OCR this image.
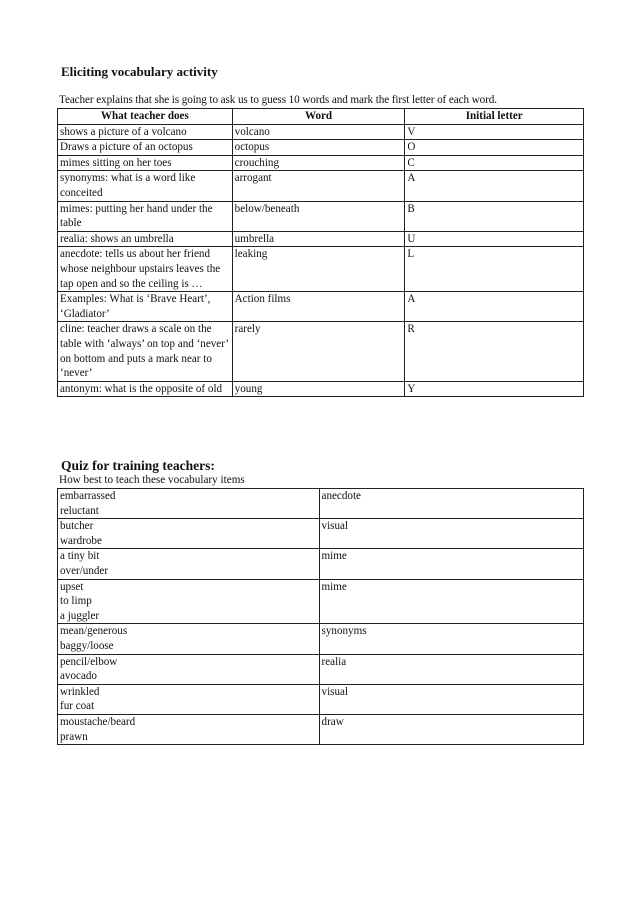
Eliciting vocabulary activity
Teacher explains that she is going to ask us to guess 10 words and mark the first letter of each word.
What teacher does	Word	Initial letter
shows a picture of a volcano	volcano	V
Draws a picture of an octopus	octopus	O
mimes sitting on her toes	crouching	C
synonyms: what is a word like conceited	arrogant	A
mimes: putting her hand under the table	below/beneath	B
realia: shows an umbrella	umbrella	U
anecdote: tells us about her friend whose neighbour upstairs leaves the tap open and so the ceiling is …	leaking	L
Examples: What is ‘Brave Heart’, ‘Gladiator’	Action films	A
cline: teacher draws a scale on the table with ‘always’ on top and ‘never’ on bottom and puts a mark near to ‘never’	rarely	R
antonym: what is the opposite of old	young	Y
Quiz for training teachers:
How best to teach these vocabulary items
embarrassed
reluctant	anecdote

butcher
wardrobe	visual

a tiny bit
over/under	mime

upset
to limp
a juggler	mime

mean/generous
baggy/loose	synonyms

pencil/elbow
avocado	realia

wrinkled
fur coat	visual

moustache/beard
prawn	draw
